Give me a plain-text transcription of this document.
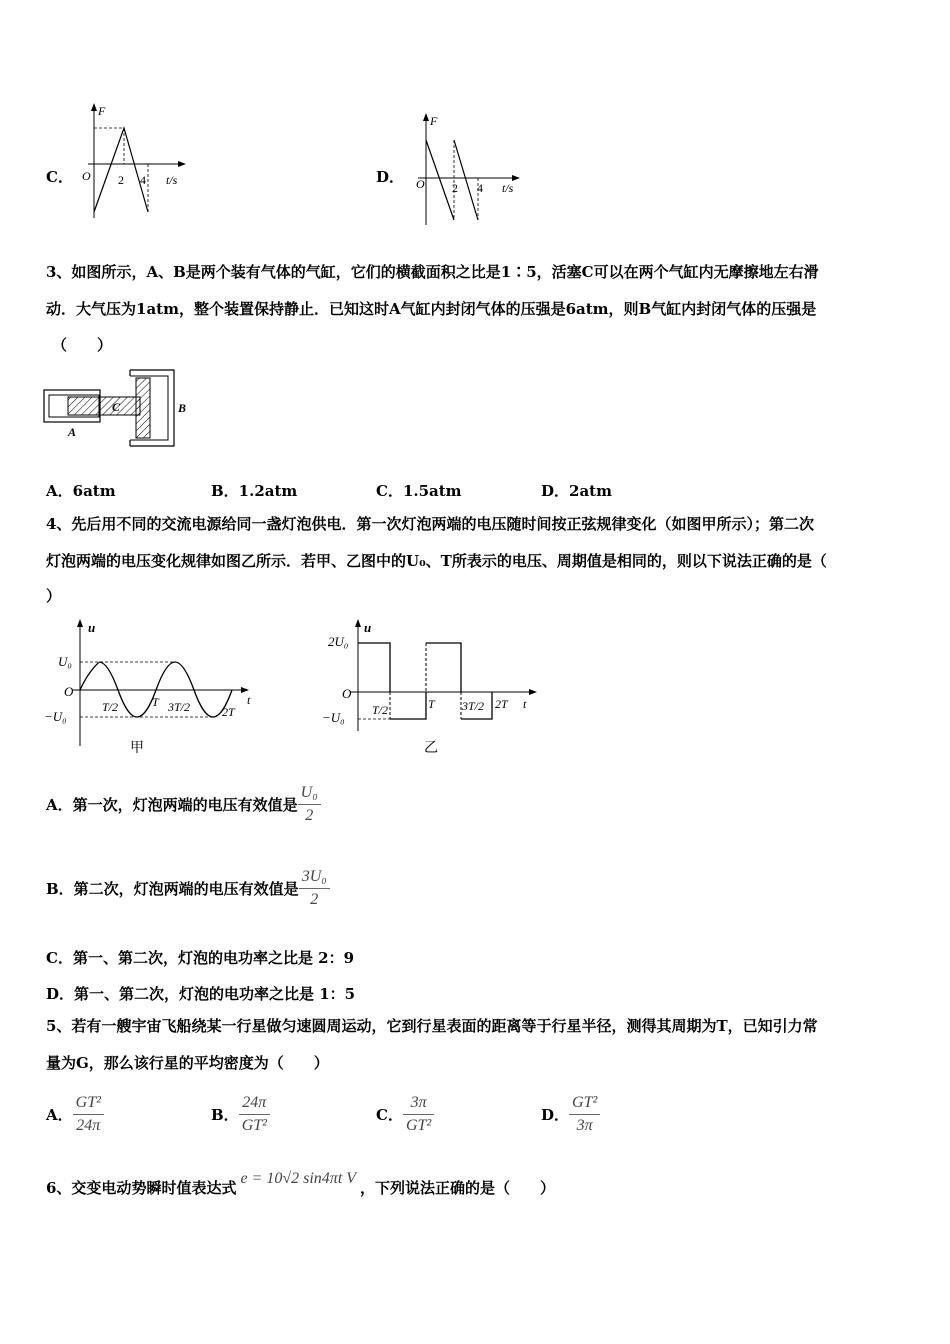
C．
F
O 2 4 t/s	D．
F
O 2 4 t/s
3、如图所示，A、B是两个装有气体的气缸，它们的横截面积之比是1∶5，活塞C可以在两个气缸内无摩擦地左右滑
动．大气压为1atm，整个装置保持静止．已知这时A气缸内封闭气体的压强是6atm，则B气缸内封闭气体的压强是
（　　）
A
C	B
A．6atm	B．1.2atm	C．1.5atm	D．2atm
4、先后用不同的交流电源给同一盏灯泡供电．第一次灯泡两端的电压随时间按正弦规律变化（如图甲所示）；第二次
灯泡两端的电压变化规律如图乙所示．若甲、乙图中的U₀、T所表示的电压、周期值是相同的，则以下说法正确的是（
）
u
U₀
O
−U₀
T/2	T 3T/2	2T
t
甲
u
2U₀
O
−U₀ T/2	T 3T/2 2T t
乙
A．第一次，灯泡两端的电压有效值是 $\frac{\text{U₀}}{2}$
B．第二次，灯泡两端的电压有效值是 $\frac{\text{3U₀}}{2}$
C．第一、第二次，灯泡的电功率之比是 2：9
D．第一、第二次，灯泡的电功率之比是 1：5
5、若有一艘宇宙飞船绕某一行星做匀速圆周运动，它到行星表面的距离等于行星半径，测得其周期为T，已知引力常
量为G，那么该行星的平均密度为（　　）
A． $\frac{\text{GT²}}{24\pi}$	B． $\frac{24\pi}{\text{GT²}}$	C． $\frac{3\pi}{\text{GT²}}$	D． $\frac{\text{GT²}}{3\pi}$
6、交变电动势瞬时值表达式 e = 10√2 sin4πt V ，下列说法正确的是（　　）
